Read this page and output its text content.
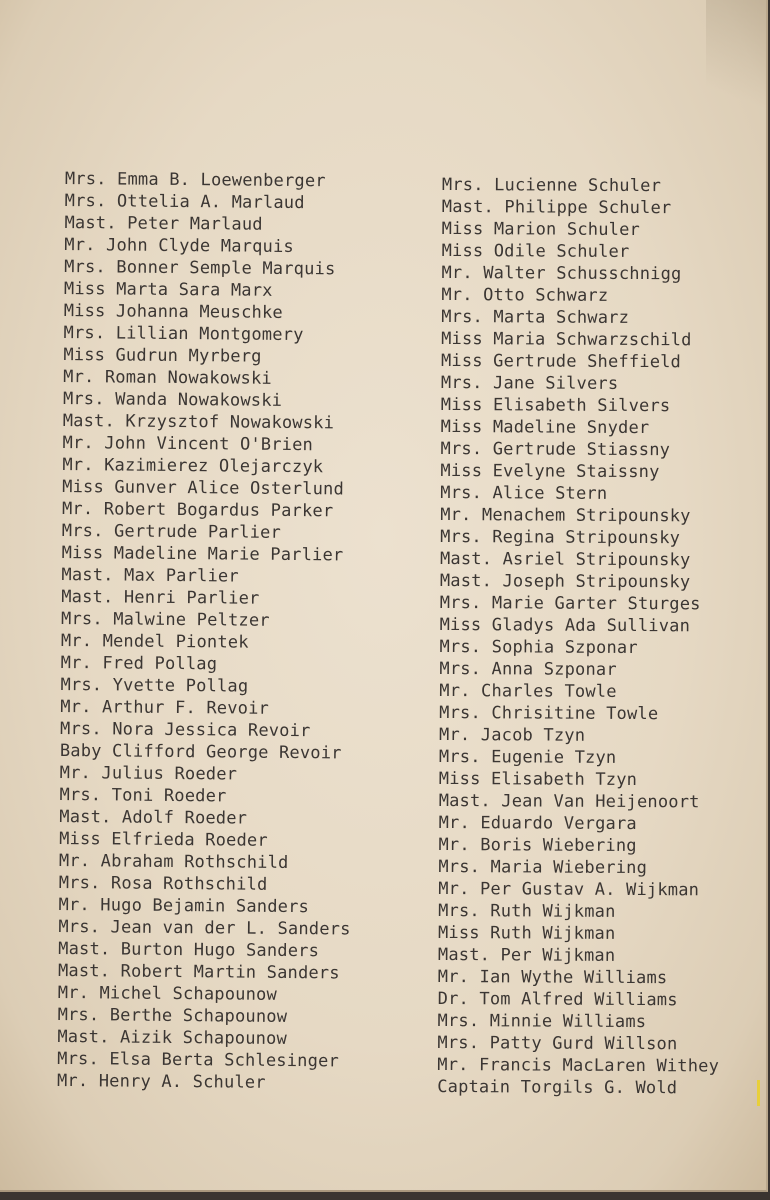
Mrs. Emma B. Loewenberger
Mrs. Ottelia A. Marlaud
Mast. Peter Marlaud
Mr. John Clyde Marquis
Mrs. Bonner Semple Marquis
Miss Marta Sara Marx
Miss Johanna Meuschke
Mrs. Lillian Montgomery
Miss Gudrun Myrberg
Mr. Roman Nowakowski
Mrs. Wanda Nowakowski
Mast. Krzysztof Nowakowski
Mr. John Vincent O'Brien
Mr. Kazimierez Olejarczyk
Miss Gunver Alice Osterlund
Mr. Robert Bogardus Parker
Mrs. Gertrude Parlier
Miss Madeline Marie Parlier
Mast. Max Parlier
Mast. Henri Parlier
Mrs. Malwine Peltzer
Mr. Mendel Piontek
Mr. Fred Pollag
Mrs. Yvette Pollag
Mr. Arthur F. Revoir
Mrs. Nora Jessica Revoir
Baby Clifford George Revoir
Mr. Julius Roeder
Mrs. Toni Roeder
Mast. Adolf Roeder
Miss Elfrieda Roeder
Mr. Abraham Rothschild
Mrs. Rosa Rothschild
Mr. Hugo Bejamin Sanders
Mrs. Jean van der L. Sanders
Mast. Burton Hugo Sanders
Mast. Robert Martin Sanders
Mr. Michel Schapounow
Mrs. Berthe Schapounow
Mast. Aizik Schapounow
Mrs. Elsa Berta Schlesinger
Mr. Henry A. Schuler
Mrs. Lucienne Schuler
Mast. Philippe Schuler
Miss Marion Schuler
Miss Odile Schuler
Mr. Walter Schusschnigg
Mr. Otto Schwarz
Mrs. Marta Schwarz
Miss Maria Schwarzschild
Miss Gertrude Sheffield
Mrs. Jane Silvers
Miss Elisabeth Silvers
Miss Madeline Snyder
Mrs. Gertrude Stiassny
Miss Evelyne Staissny
Mrs. Alice Stern
Mr. Menachem Stripounsky
Mrs. Regina Stripounsky
Mast. Asriel Stripounsky
Mast. Joseph Stripounsky
Mrs. Marie Garter Sturges
Miss Gladys Ada Sullivan
Mrs. Sophia Szponar
Mrs. Anna Szponar
Mr. Charles Towle
Mrs. Chrisitine Towle
Mr. Jacob Tzyn
Mrs. Eugenie Tzyn
Miss Elisabeth Tzyn
Mast. Jean Van Heijenoort
Mr. Eduardo Vergara
Mr. Boris Wiebering
Mrs. Maria Wiebering
Mr. Per Gustav A. Wijkman
Mrs. Ruth Wijkman
Miss Ruth Wijkman
Mast. Per Wijkman
Mr. Ian Wythe Williams
Dr. Tom Alfred Williams
Mrs. Minnie Williams
Mrs. Patty Gurd Willson
Mr. Francis MacLaren Withey
Captain Torgils G. Wold
